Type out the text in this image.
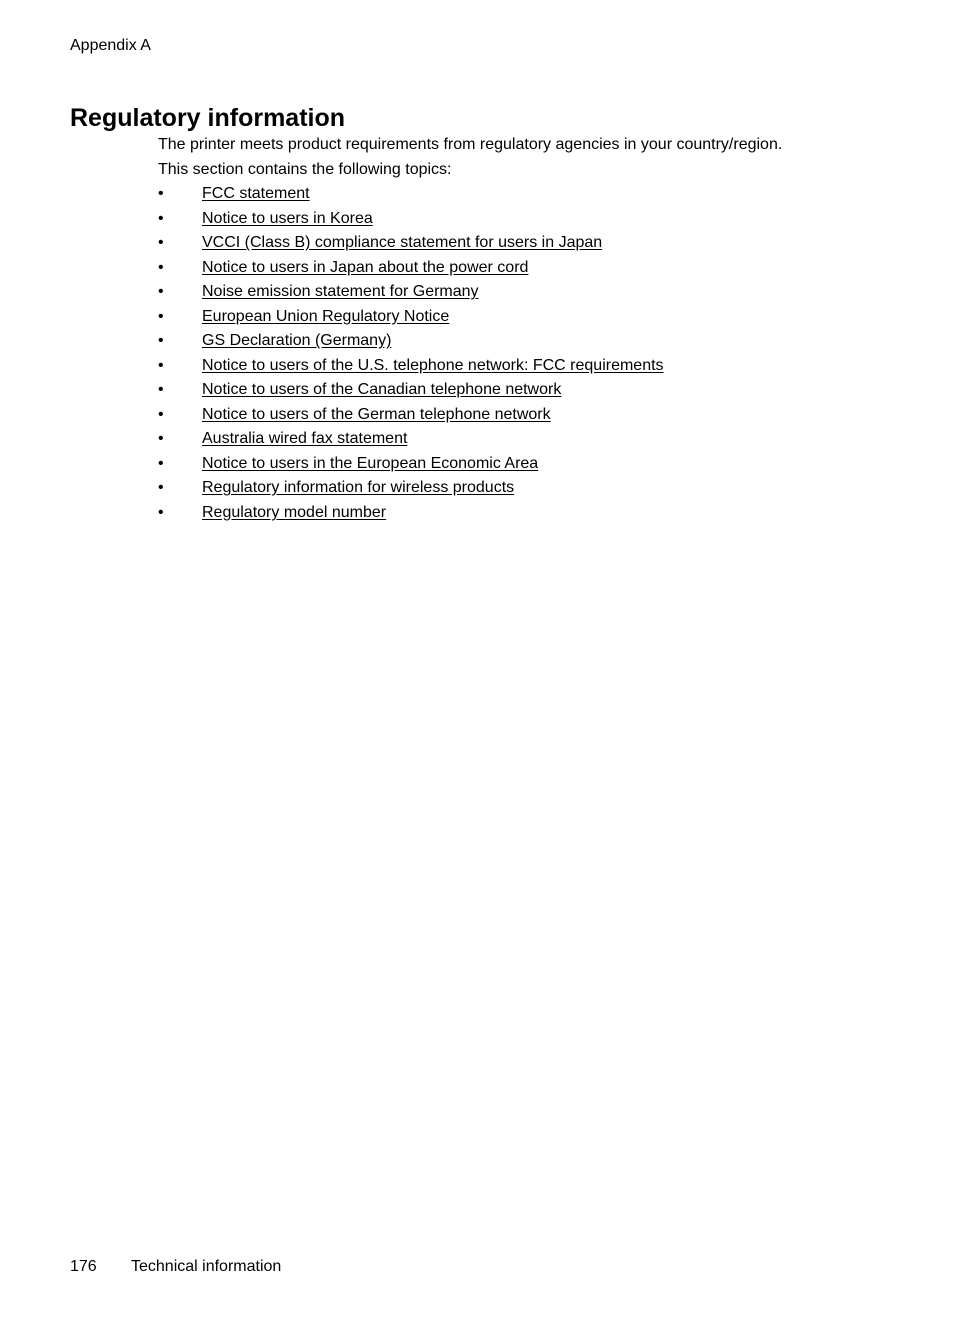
Appendix A
Regulatory information

The printer meets product requirements from regulatory agencies in your country/region.

This section contains the following topics:

• FCC statement
• Notice to users in Korea
• VCCI (Class B) compliance statement for users in Japan
• Notice to users in Japan about the power cord
• Noise emission statement for Germany
• European Union Regulatory Notice
• GS Declaration (Germany)
• Notice to users of the U.S. telephone network: FCC requirements
• Notice to users of the Canadian telephone network
• Notice to users of the German telephone network
• Australia wired fax statement
• Notice to users in the European Economic Area
• Regulatory information for wireless products
• Regulatory model number
176 Technical information
